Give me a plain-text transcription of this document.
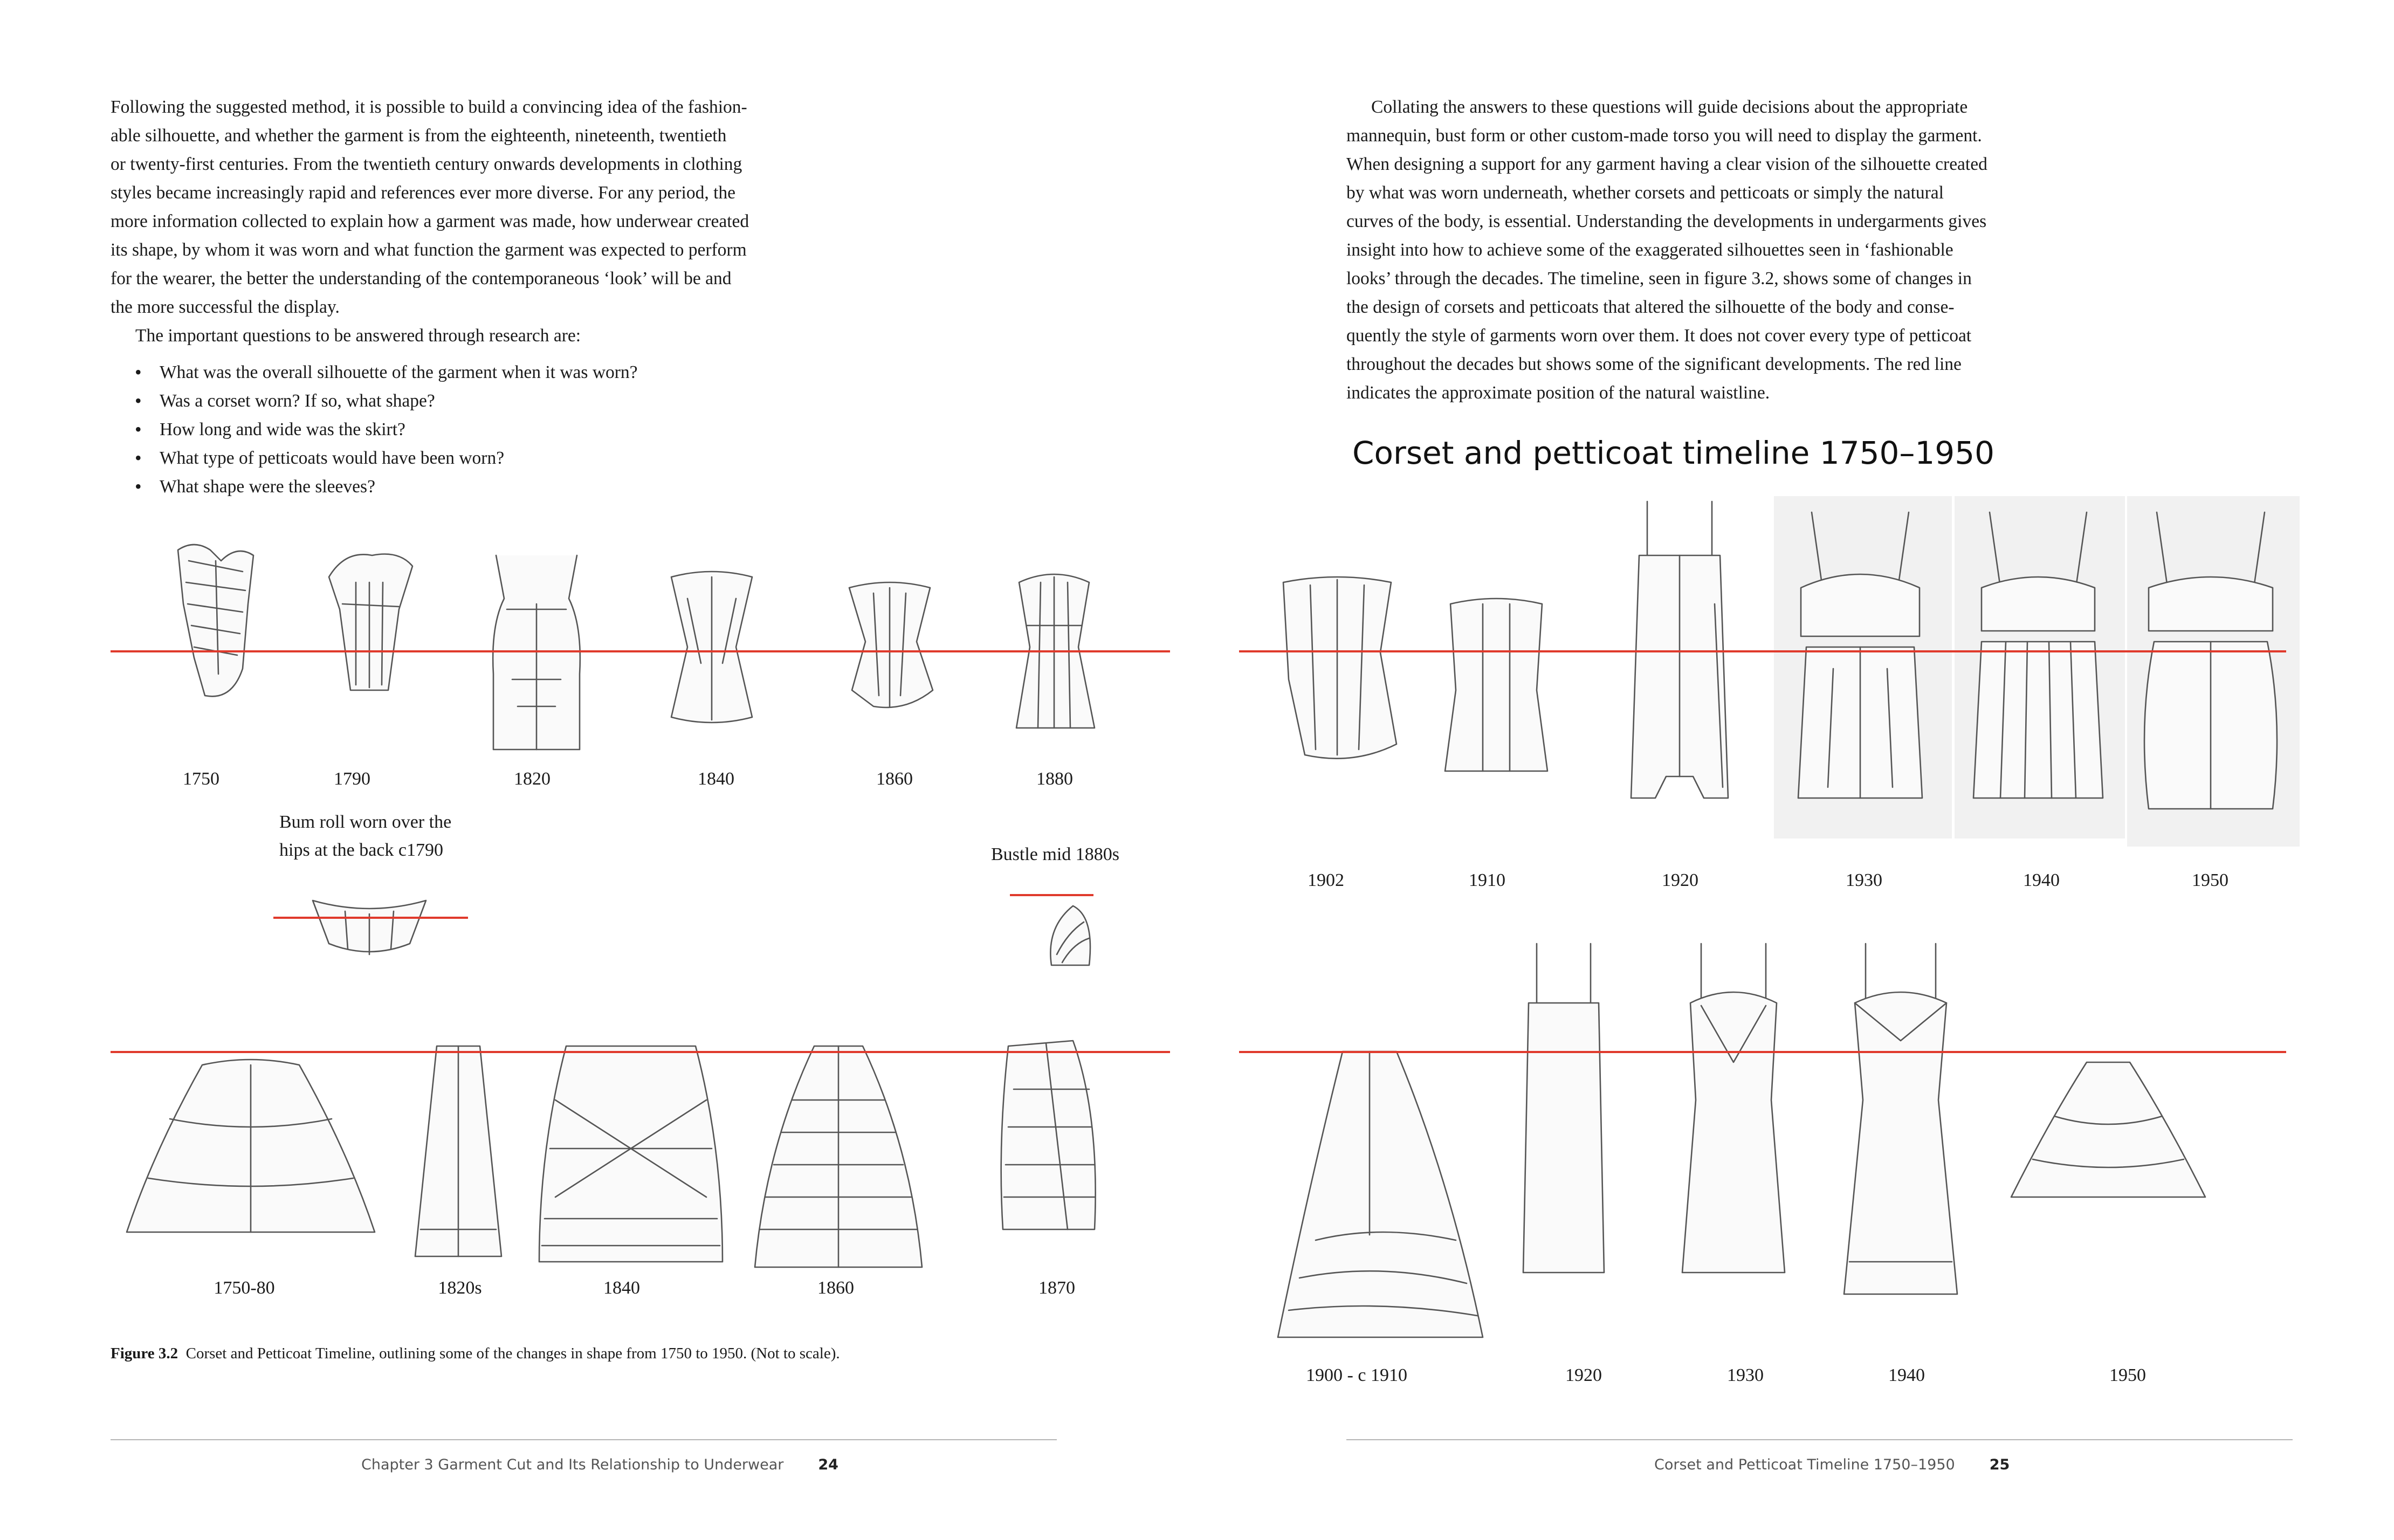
Following the suggested method, it is possible to build a convincing idea of the fashion-

able silhouette, and whether the garment is from the eighteenth, nineteenth, twentieth

or twenty-first centuries. From the twentieth century onwards developments in clothing

styles became increasingly rapid and references ever more diverse. For any period, the

more information collected to explain how a garment was made, how underwear created

its shape, by whom it was worn and what function the garment was expected to perform

for the wearer, the better the understanding of the contemporaneous ‘look’ will be and

the more successful the display.

The important questions to be answered through research are:

• What was the overall silhouette of the garment when it was worn?
• Was a corset worn? If so, what shape?
• How long and wide was the skirt?
• What type of petticoats would have been worn?
• What shape were the sleeves?
1750	1790	1820	1840	1860	1880
Bum roll worn over the
hips at the back c1790	Bustle mid 1880s
1750-80	1820s	1840	1860	1870
Figure 3.2 Corset and Petticoat Timeline, outlining some of the changes in shape from 1750 to 1950. (Not to scale).
Chapter 3 Garment Cut and Its Relationship to Underwear 24

Collating the answers to these questions will guide decisions about the appropriate

mannequin, bust form or other custom-made torso you will need to display the garment.

When designing a support for any garment having a clear vision of the silhouette created

by what was worn underneath, whether corsets and petticoats or simply the natural

curves of the body, is essential. Understanding the developments in undergarments gives

insight into how to achieve some of the exaggerated silhouettes seen in ‘fashionable

looks’ through the decades. The timeline, seen in figure 3.2, shows some of changes in

the design of corsets and petticoats that altered the silhouette of the body and conse-

quently the style of garments worn over them. It does not cover every type of petticoat

throughout the decades but shows some of the significant developments. The red line

indicates the approximate position of the natural waistline.

Corset and petticoat timeline 1750–1950
1902	1910	1920	1930	1940	1950
1900 - c 1910	1920	1930	1940	1950
Corset and Petticoat Timeline 1750–1950 25
